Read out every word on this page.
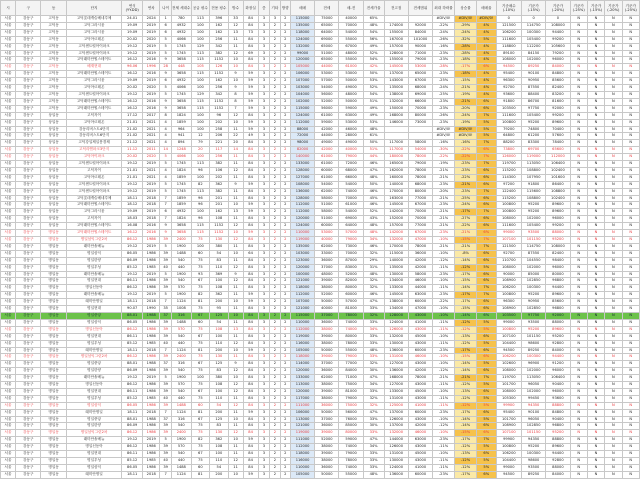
시	구	동	단지	연식 (YY.DD)	연차	나이	전체 세대수	공급 평수	전용 평수	방수	화장실	층	기타	방향	매매	전세	매-전	전세가율	전고점	전세범위	최대 하락률	상승률	매매율	기준매수 (-10%)	기준가 (-15%)	기준가 (-20%)	기준가 (-25%)	기준가 (-15%)	기준가 (-20%)	기준가 (-25%)
서울	강동구	고덕동	고덕롯데캐슬베네루체	24.01	2024	1	780	113	396	33	84	3	3	2	115000	75000	40000	65%			#DIV/0!	#DIV/0!	#DIV/0!	0	0	0	N	N	N	N
서울	강동구	고덕동	고덕그라시움	19.09	2019	6	4932	100	162	12	84	3	2	2	135000	65000	70000	48%	174000	92000	-22%	-29%	4%	121500	114750	108000	N	N	N	N
서울	강동구	고덕동	고덕그라시움	19.09	2019	6	4932	100	162	13	73	3	2	2	118000	64000	54000	54%	155000	84000	-24%	-24%	4%	106200	100300	94400	N	N	N	N
서울	강동구	고덕동	고덕아르테온	20.02	2020	5	4066	100	256	11	84	3	2	2	124000	69000	55000	56%	167000	101000	-26%	-32%	5%	111600	105400	99200	N	N	N	N
서울	강동구	고덕동	고덕센트럴아이파크	19.12	2019	5	1745	129	342	11	84	3	2	2	132000	65000	67000	49%	157000	90000	-16%	-28%	4%	118800	112200	105600	N	N	N	N
서울	강동구	고덕동	고덕센트럴아이파크	19.12	2019	5	1745	113	382	12	69	3	2	2	99000	51000	48000	52%	128000	71000	-23%	-28%	4%	89100	84150	79200	N	N	N	N
서울	강동구	고덕동	고덕래미안힐스테이트	16.12	2016	9	3658	115	1152	10	84	3	2	2	120000	65000	55000	54%	155000	79000	-23%	-18%	4%	108000	102000	96000	N	N	N	N
서울	강동구	고덕동	배재현대	96.06	1996	28	448	105	126	10	84	3	2	2	105000	44000	61000	42%	145000	53000	-28%	-17%	6%	94500	89250	84000	N	N	N	N
서울	강동구	고덕동	고덕래미안힐스테이트	16.12	2016	9	3658	115	1152	9	59	3	2	2	106000	53000	53000	50%	137000	65000	-23%	-18%	4%	95400	90100	84800	N	N	N	N
서울	강동구	고덕동	고덕그라시움	19.09	2019	6	4932	100	162	10	59	3	2	2	107000	57000	50000	53%	143000	67000	-25%	-15%	4%	96300	90950	85600	N	N	N	N
서울	강동구	고덕동	고덕아르테온	20.02	2020	5	4066	100	256	9	59	3	2	2	103000	54000	49000	52%	135000	68000	-24%	-21%	4%	92700	87550	82400	N	N	N	N
서울	강동구	고덕동	고덕센트럴아이파크	19.12	2019	5	1745	129	342	8	59	3	2	2	104000	56000	48000	54%	138000	69000	-25%	-19%	4%	93600	88400	83200	N	N	N	N
서울	강동구	고덕동	고덕래미안힐스테이트	16.12	2016	9	3658	115	1152	8	59	3	2	2	102000	52000	50000	51%	132000	66000	-23%	-21%	6%	91800	86700	81600	N	N	N	N
서울	강동구	고덕동	고덕래미안힐스테이트	16.12	2016	9	3658	115	1152	7	59	3	2	2	115000	56000	59000	49%	150000	70000	-23%	-20%	6%	103500	97750	92000	N	N	N	N
서울	강동구	상일동	고덕자이	17.12	2017	8	1824	100	96	12	84	3	2	2	124000	61000	63000	49%	168000	80000	-26%	-24%	7%	111600	105400	99200	N	N	N	N
서울	강동구	상일동	고덕아르테온	21.01	2021	4	1859	100	202	10	59	3	2	2	112000	59000	53000	53%	146000	73000	-23%	-19%	5%	100800	95200	89600	N	N	N	N
서울	강동구	상일동	강동리버스트4단지	21.02	2021	4	964	100	258	11	59	3	2	2	88000	42000	46000	48%			#DIV/0!	#DIV/0!	5%	79200	74800	70400	N	N	N	N
서울	강동구	상일동	강동리버스트6단지	21.02	2021	4	941	12	206	22	49	3	2	2	72000	44000	28000	61%			#DIV/0!	#DIV/0!	5%	64800	61200	57600	N	N	N	N
서울	강동구	상일동	고덕강일제일풍경채	21.12	2021	4	894	79	221	20	84	3	2	2	98000	49000	49000	50%	117000	58000	-16%	-16%	7%	88200	83300	78400	N	N	N	N
서울	강동구	상일동	고덕리엔파크3단지	11.12	2011	14	1248	20	117	14	84	3	2	2	82000	42000	40000	51%	117000	54000	-30%	-22%	6%	73800	69700	65600	N	N	N	N
서울	강동구	상일동	고덕아이파크	20.02	2020	5	4066	100	256	11	84	3	2	2	140000	61000	79000	44%	180000	78000	-22%	-22%	7%	126000	119000	112000	N	N	N	N
서울	강동구	상일동	고덕센트럴아이파크	19.12	2019	5	1745	113	382	11	84	3	2	2	133000	61000	72000	46%	165000	79000	-19%	-23%	7%	119700	113050	106400	N	N	N	N
서울	강동구	상일동	고덕자이	21.01	2021	4	1824	96	106	12	84	3	2	2	128000	60000	68000	47%	162000	78000	-21%	-23%	6%	115200	108800	102400	N	N	N	N
서울	강동구	상일동	고덕아르테온	21.01	2021	4	1859	100	202	11	84	3	2	2	127000	61000	66000	48%	160000	78000	-21%	-22%	6%	114300	107950	101600	N	N	N	N
서울	강동구	상일동	고덕센트럴아이파크	19.12	2019	5	1745	82	362	9	59	3	2	2	108000	54000	54000	50%	140000	68000	-23%	-21%	6%	97200	91800	86400	N	N	N	N
서울	강동구	상일동	고덕센트럴아이파크	19.12	2019	5	1745	113	382	11	84	3	2	2	136000	62000	74000	46%	170000	80000	-20%	-23%	7%	122400	115600	108800	N	N	N	N
서울	강동구	상일동	고덕롯데캐슬베네루체	18.11	2018	7	1859	96	201	11	84	3	2	2	128000	58000	70000	45%	163000	77000	-21%	-25%	6%	115200	108800	102400	N	N	N	N
서울	강동구	상일동	고덕래미안힐스테이트	18.12	2018	7	1859	96	201	10	59	3	2	2	112000	51000	61000	46%	145000	67000	-23%	-24%	6%	100800	95200	89600	N	N	N	N
서울	강동구	상일동	고덕그라시움	19.09	2019	6	4932	100	162	13	59	3	2	2	112000	58000	54000	52%	142000	70000	-21%	-17%	7%	100800	95200	89600	N	N	N	N
서울	강동구	상일동	고덕자이	18.03	2018	7	1824	96	108	11	84	3	2	2	120000	51000	69000	43%	152000	70000	-21%	-27%	6%	108000	102000	96000	N	N	N	N
서울	강동구	상일동	고덕래미안힐스테이트	16.08	2016	9	3658	115	1152	12	84	3	2	2	124000	60000	64000	48%	157000	77000	-21%	-22%	6%	111600	105400	99200	N	N	N	N
서울	강동구	명일동	고덕래미안힐스테이트	16.12	2016	9	3658	115	1152	10	59	3	2	2	110000	53000	57000	48%	142000	67000	-23%	-21%	6%	99000	93500	88000	N	N	N	N
서울	강동구	명일동	명일삼익그린2차	86.12	1986	39	2400	75	130	12	84	3	2	2	119000	40000	79000	34%	132000	47000	-10%	-15%	7%	107100	101150	95200	N	N	N	N
서울	강동구	명일동	래미안솔베뉴	19.12	2019	5	1900	100	380	11	84	3	2	2	135000	62000	73000	46%	170000	78000	-21%	-21%	7%	121500	114750	108000	N	N	N	N
서울	강동구	명일동	명일삼익	86.05	1986	39	1488	60	54	10	64	3	2	2	103000	33000	70000	32%	115000	36000	-10%	-8%	6%	92700	87550	82400	N	N	N	N
서울	강동구	명일동	명일한양	86.09	1986	39	540	75	83	11	84	3	2	2	123000	36000	87000	29%	140000	42000	-12%	-14%	6%	110700	104550	98400	N	N	N	N
서울	강동구	명일동	명일우성	85.12	1985	40	440	75	110	12	84	3	2	2	120000	37000	83000	31%	135000	42000	-11%	-12%	5%	108000	102000	96000	N	N	N	N
서울	강동구	명일동	래미안솔베뉴	19.12	2019	5	1900	93	369	9	84	3	2	2	100000	48000	52000	48%	130000	58000	-23%	-17%	6%	90000	85000	80000	N	N	N	N
서울	강동구	명일동	명일현대	86.11	1986	39	540	67	100	12	84	3	2	2	121000	39000	82000	32%	134000	46000	-10%	-15%	6%	108900	102850	96800	N	N	N	N
서울	강동구	명일동	명일신동아	86.12	1986	39	570	75	108	11	84	3	2	2	118000	38000	80000	32%	133000	44000	-11%	-14%	7%	106200	100300	94400	N	N	N	N
서울	강동구	명일동	래미안솔베뉴	19.12	2019	5	1900	82	362	11	59	3	2	2	112000	52000	60000	46%	145000	63000	-23%	-17%	7%	100800	95200	89600	N	N	N	N
서울	강동구	명일동	래미안명일	18.11	2018	7	1124	81	200	10	59	3	2	2	107000	50000	57000	47%	138000	60000	-22%	-17%	6%	96300	90950	85600	N	N	N	N
서울	강동구	명일동	명일현대	90.07	1990	35	1008	75	95	11	84	3	2	2	121000	40000	81000	33%	134000	47000	-10%	-15%	6%	108900	102850	96800	N	N	N	N
서울	강동구	명일동	명일중앙	88.01	1988	37	316	67	125	10	84	3	2	2	115000	37000	78000	32%	128000	43000	-10%	-14%	6%	103500	97750	92000	N	N	N	N
서울	강동구	명일동	명일삼익	86.05	1986	39	1488	60	54	11	84	3	2	2	110000	36000	74000	33%	124000	41000	-11%	-12%	5%	99000	93500	88000	N	N	N	N
서울	강동구	명일동	명일신동아	86.12	1986	39	570	75	108	13	84	3	2	2	112000	38000	74000	34%	126000	43000	-11%	-12%	5%	100800	95200	89600	N	N	N	N
서울	강동구	명일동	명일현대	86.11	1986	39	540	67	100	11	84	3	2	2	119000	39000	80000	33%	132000	45000	-10%	-13%	6%	107100	101150	95200	N	N	N	N
서울	강동구	명일동	명일우성	85.12	1985	40	440	75	110	12	84	3	2	2	116000	38000	78000	33%	130000	43000	-11%	-12%	5%	104400	98600	92800	N	N	N	N
서울	강동구	명일동	래미안명일	18.11	2018	7	1124	81	200	10	59	3	2	2	105000	50000	55000	48%	136000	60000	-23%	-17%	6%	94500	89250	84000	N	N	N	N
서울	강동구	명일동	명일삼익그린2차	86.12	1986	39	2400	75	130	11	84	3	2	2	118000	39000	79000	33%	131000	46000	-10%	-15%	6%	106200	100300	94400	N	N	N	N
서울	강동구	명일동	명일중앙	88.01	1988	37	316	67	125	9	84	3	2	2	114000	37000	77000	32%	127000	43000	-10%	-14%	5%	102600	96900	91200	N	N	N	N
서울	강동구	명일동	명일한양	86.09	1986	39	540	75	83	12	84	3	2	2	120000	36000	84000	30%	136000	42000	-12%	-14%	6%	108000	102000	96000	N	N	N	N
서울	강동구	명일동	래미안솔베뉴	19.12	2019	5	1900	100	380	10	84	3	2	2	133000	62000	71000	47%	168000	78000	-21%	-21%	7%	119700	113050	106400	N	N	N	N
서울	강동구	명일동	명일신동아	86.12	1986	39	570	75	108	12	84	3	2	2	113000	38000	75000	34%	127000	43000	-11%	-12%	5%	101700	96050	90400	N	N	N	N
서울	강동구	명일동	명일현대	86.11	1986	39	540	67	100	12	84	3	2	2	120000	39000	81000	33%	133000	45000	-10%	-13%	6%	108000	102000	96000	N	N	N	N
서울	강동구	명일동	명일우성	85.12	1985	40	440	75	110	11	84	3	2	2	117000	38000	79000	32%	131000	43000	-11%	-12%	5%	105300	99450	93600	N	N	N	N
서울	강동구	명일동	명일삼익	86.05	1986	39	1488	60	54	12	84	3	2	2	111000	36000	75000	32%	125000	41000	-11%	-12%	5%	99900	94350	88800	N	N	N	N
서울	강동구	명일동	래미안명일	18.11	2018	7	1124	81	200	11	59	3	2	2	106000	50000	56000	47%	137000	60000	-23%	-17%	6%	95400	90100	84800	N	N	N	N
서울	강동구	명일동	명일중앙	88.01	1988	37	316	67	125	10	84	3	2	2	113000	37000	76000	33%	126000	43000	-10%	-14%	5%	101700	96050	90400	N	N	N	N
서울	강동구	명일동	명일한양	86.09	1986	39	540	75	83	11	84	3	2	2	121000	36000	85000	30%	137000	42000	-12%	-14%	6%	108900	102850	96800	N	N	N	N
서울	강동구	명일동	명일삼익그린2차	86.12	1986	39	2400	75	130	12	84	3	2	2	119000	39000	80000	33%	132000	46000	-10%	-15%	6%	107100	101150	95200	N	N	N	N
서울	강동구	명일동	래미안솔베뉴	19.12	2019	5	1900	82	362	10	59	3	2	2	111000	52000	59000	47%	144000	63000	-23%	-17%	7%	99900	94350	88800	N	N	N	N
서울	강동구	명일동	명일신동아	86.12	1986	39	570	75	108	11	84	3	2	2	112000	38000	74000	34%	126000	43000	-11%	-12%	5%	100800	95200	89600	N	N	N	N
서울	강동구	명일동	명일현대	86.11	1986	39	540	67	100	11	84	3	2	2	118000	39000	79000	33%	131000	45000	-10%	-13%	6%	106200	100300	94400	N	N	N	N
서울	강동구	명일동	명일우성	85.12	1985	40	440	75	110	12	84	3	2	2	116000	38000	78000	33%	130000	43000	-11%	-12%	5%	104400	98600	92800	N	N	N	N
서울	강동구	명일동	명일삼익	86.05	1986	39	1488	60	54	11	84	3	2	2	110000	36000	74000	33%	124000	41000	-11%	-12%	5%	99000	93500	88000	N	N	N	N
서울	강동구	명일동	래미안명일	18.11	2018	7	1124	81	200	10	59	3	2	2	105000	50000	55000	48%	136000	60000	-23%	-17%	6%	94500	89250	84000	N	N	N	N
